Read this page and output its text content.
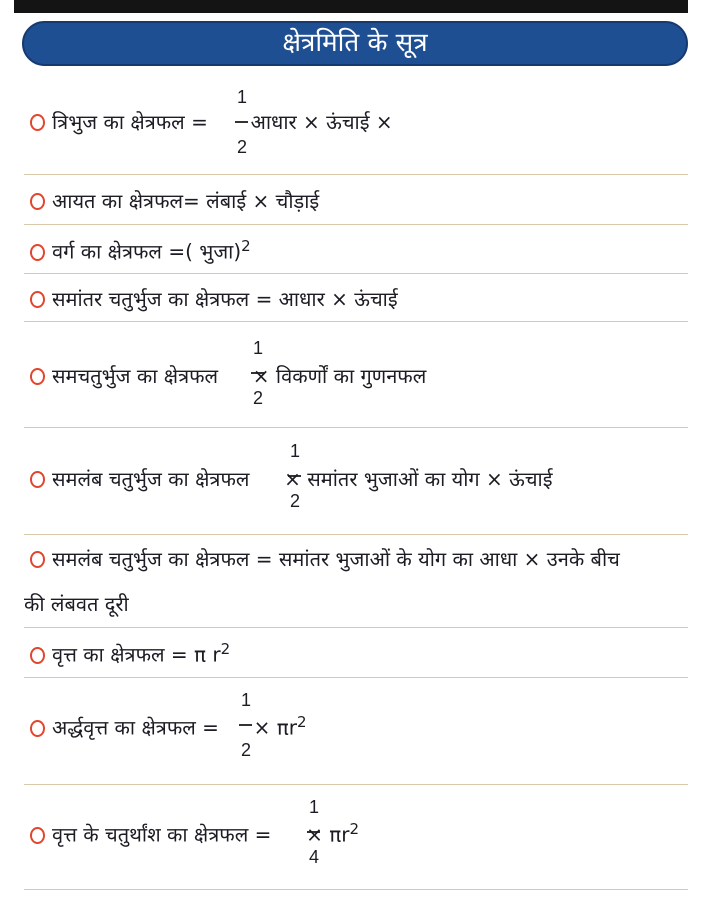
क्षेत्रमिति के सूत्र
1
2
त्रिभुज का क्षेत्रफल =  आधार × ऊंचाई ×
आयत का क्षेत्रफल= लंबाई × चौड़ाई
वर्ग का क्षेत्रफल =( भुजा)$^2$
समांतर चतुर्भुज का क्षेत्रफल = आधार × ऊंचाई
1
2
समचतुर्भुज का क्षेत्रफल  × विकर्णों का गुणनफल
1
2
समलंब चतुर्भुज का क्षेत्रफल  × समांतर भुजाओं का योग × ऊंचाई
समलंब चतुर्भुज का क्षेत्रफल = समांतर भुजाओं के योग का आधा × उनके बीच
की लंबवत दूरी
वृत्त का क्षेत्रफल = π $r^2$
1
2
अर्द्धवृत्त का क्षेत्रफल =  × $\pi r^2$
1
4
वृत्त के चतुर्थांश का क्षेत्रफल =  × $\pi r^2$
